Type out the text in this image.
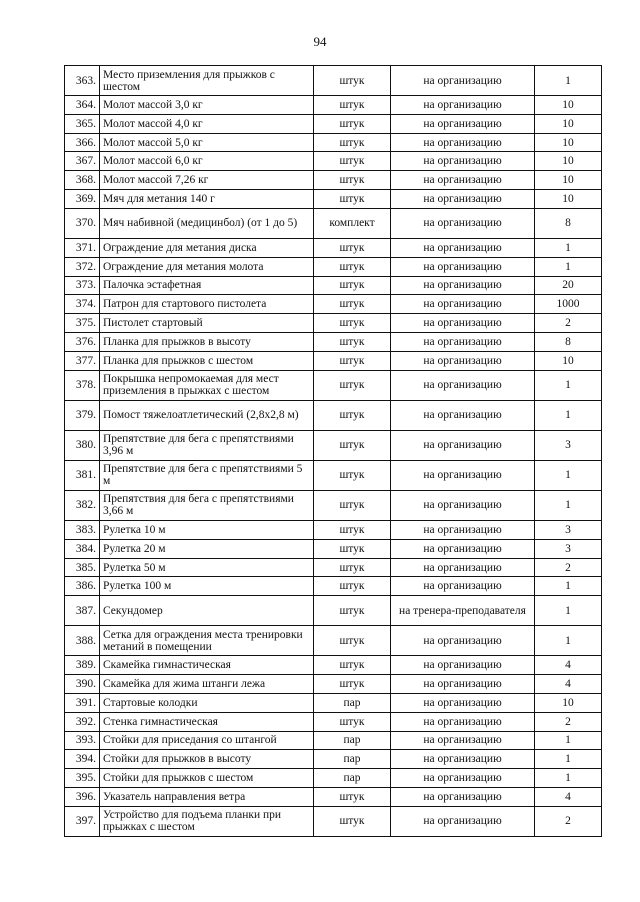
94
363.	Место приземления для прыжков с шестом	штук	на организацию	1
364.	Молот массой 3,0 кг	штук	на организацию	10
365.	Молот массой 4,0 кг	штук	на организацию	10
366.	Молот массой 5,0 кг	штук	на организацию	10
367.	Молот массой 6,0 кг	штук	на организацию	10
368.	Молот массой 7,26 кг	штук	на организацию	10
369.	Мяч для метания 140 г	штук	на организацию	10
370.	Мяч набивной (медицинбол) (от 1 до 5)	комплект	на организацию	8
371.	Ограждение для метания диска	штук	на организацию	1
372.	Ограждение для метания молота	штук	на организацию	1
373.	Палочка эстафетная	штук	на организацию	20
374.	Патрон для стартового пистолета	штук	на организацию	1000
375.	Пистолет стартовый	штук	на организацию	2
376.	Планка для прыжков в высоту	штук	на организацию	8
377.	Планка для прыжков с шестом	штук	на организацию	10
378.	Покрышка непромокаемая для мест приземления в прыжках с шестом	штук	на организацию	1
379.	Помост тяжелоатлетический (2,8х2,8 м)	штук	на организацию	1
380.	Препятствие для бега с препятствиями 3,96 м	штук	на организацию	3
381.	Препятствие для бега с препятствиями 5 м	штук	на организацию	1
382.	Препятствия для бега с препятствиями 3,66 м	штук	на организацию	1
383.	Рулетка 10 м	штук	на организацию	3
384.	Рулетка 20 м	штук	на организацию	3
385.	Рулетка 50 м	штук	на организацию	2
386.	Рулетка 100 м	штук	на организацию	1
387.	Секундомер	штук	на тренера-преподавателя	1
388.	Сетка для ограждения места тренировки метаний в помещении	штук	на организацию	1
389.	Скамейка гимнастическая	штук	на организацию	4
390.	Скамейка для жима штанги лежа	штук	на организацию	4
391.	Стартовые колодки	пар	на организацию	10
392.	Стенка гимнастическая	штук	на организацию	2
393.	Стойки для приседания со штангой	пар	на организацию	1
394.	Стойки для прыжков в высоту	пар	на организацию	1
395.	Стойки для прыжков с шестом	пар	на организацию	1
396.	Указатель направления ветра	штук	на организацию	4
397.	Устройство для подъема планки при прыжках с шестом	штук	на организацию	2
